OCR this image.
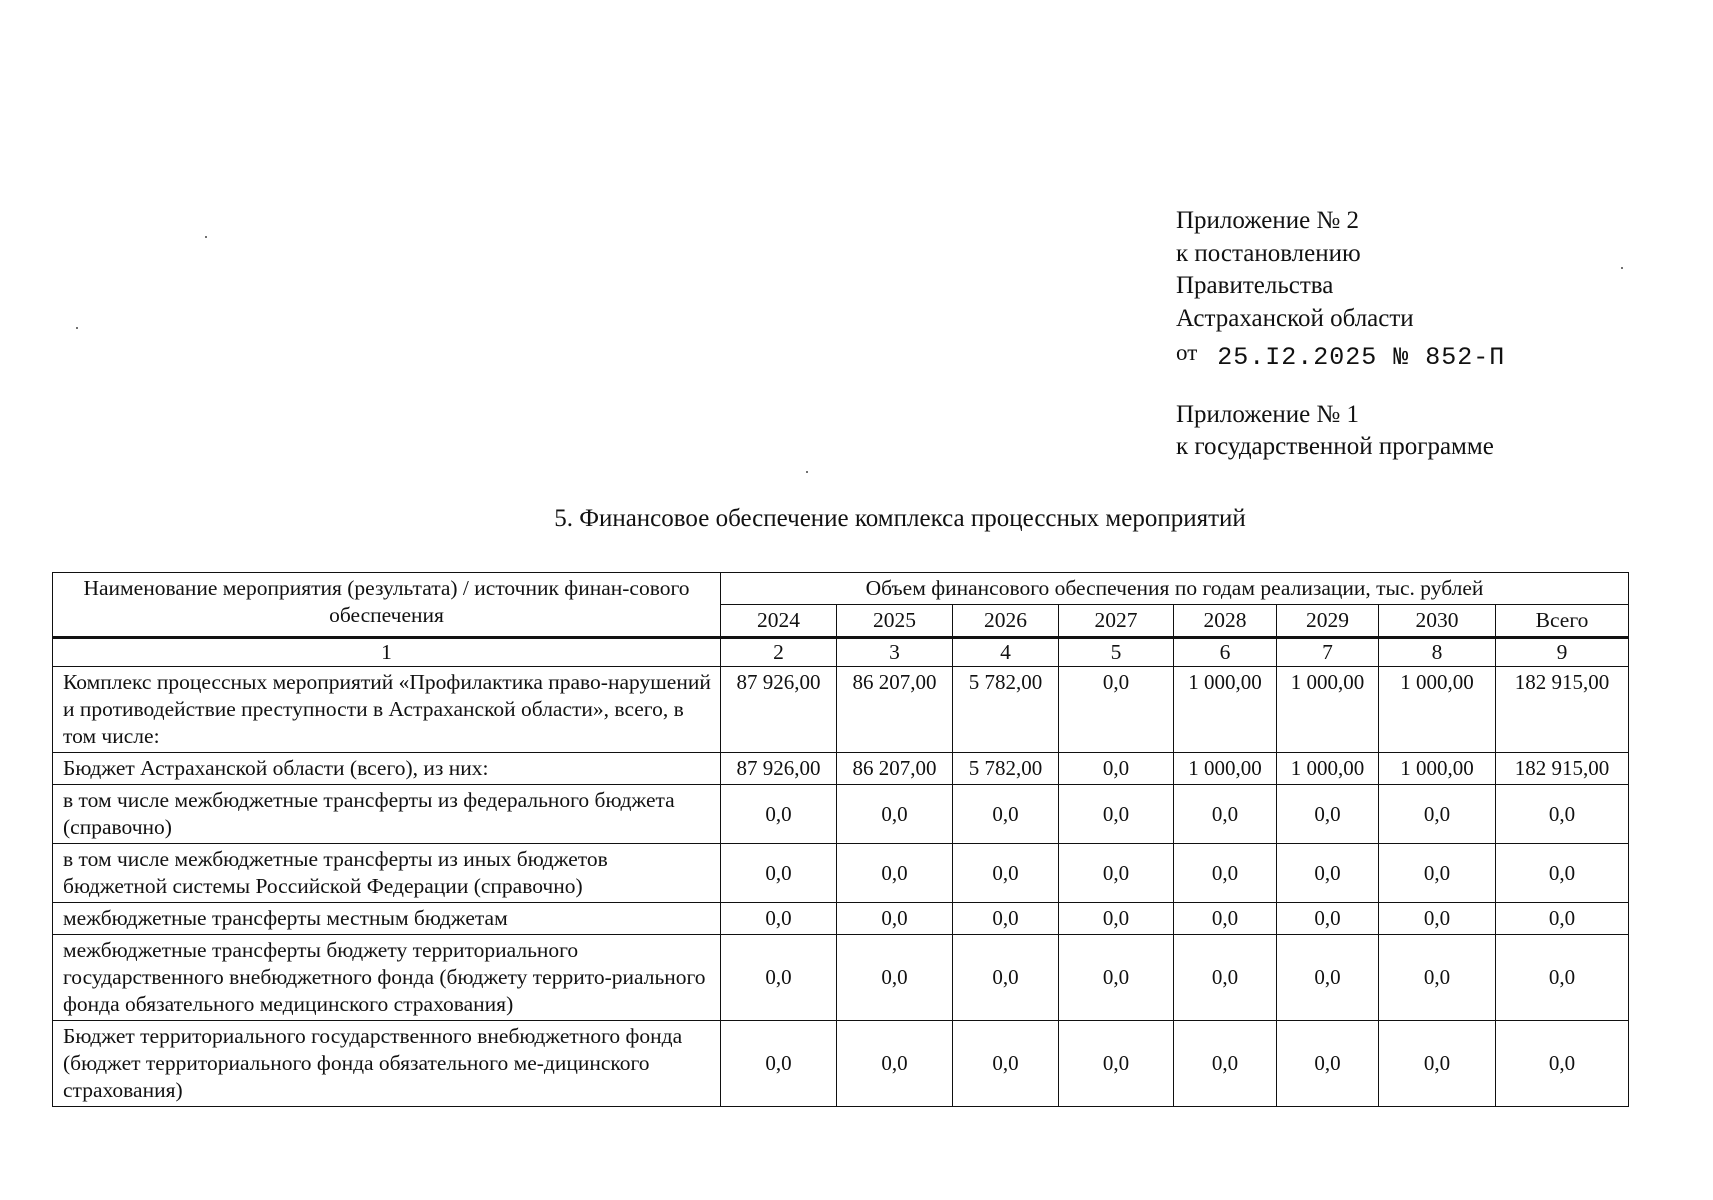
Приложение № 2
к постановлению
Правительства
Астраханской области
от 25.I2.2025 № 852-П
Приложение № 1
к государственной программе
5. Финансовое обеспечение комплекса процессных мероприятий
Наименование мероприятия (результата) / источник финан-сового обеспечения	Объем финансового обеспечения по годам реализации, тыс. рублей							
	2024	2025	2026	2027	2028	2029	2030	Всего
1	2	3	4	5	6	7	8	9
Комплекс процессных мероприятий «Профилактика право-нарушений и противодействие преступности в Астраханской области», всего, в том числе:	87 926,00	86 207,00	5 782,00	0,0	1 000,00	1 000,00	1 000,00	182 915,00
Бюджет Астраханской области (всего), из них:	87 926,00	86 207,00	5 782,00	0,0	1 000,00	1 000,00	1 000,00	182 915,00
в том числе межбюджетные трансферты из федерального бюджета (справочно)	0,0	0,0	0,0	0,0	0,0	0,0	0,0	0,0
в том числе межбюджетные трансферты из иных бюджетов бюджетной системы Российской Федерации (справочно)	0,0	0,0	0,0	0,0	0,0	0,0	0,0	0,0
межбюджетные трансферты местным бюджетам	0,0	0,0	0,0	0,0	0,0	0,0	0,0	0,0
межбюджетные трансферты бюджету территориального государственного внебюджетного фонда (бюджету террито-риального фонда обязательного медицинского страхования)	0,0	0,0	0,0	0,0	0,0	0,0	0,0	0,0
Бюджет территориального государственного внебюджетного фонда (бюджет территориального фонда обязательного ме-дицинского страхования)	0,0	0,0	0,0	0,0	0,0	0,0	0,0	0,0
